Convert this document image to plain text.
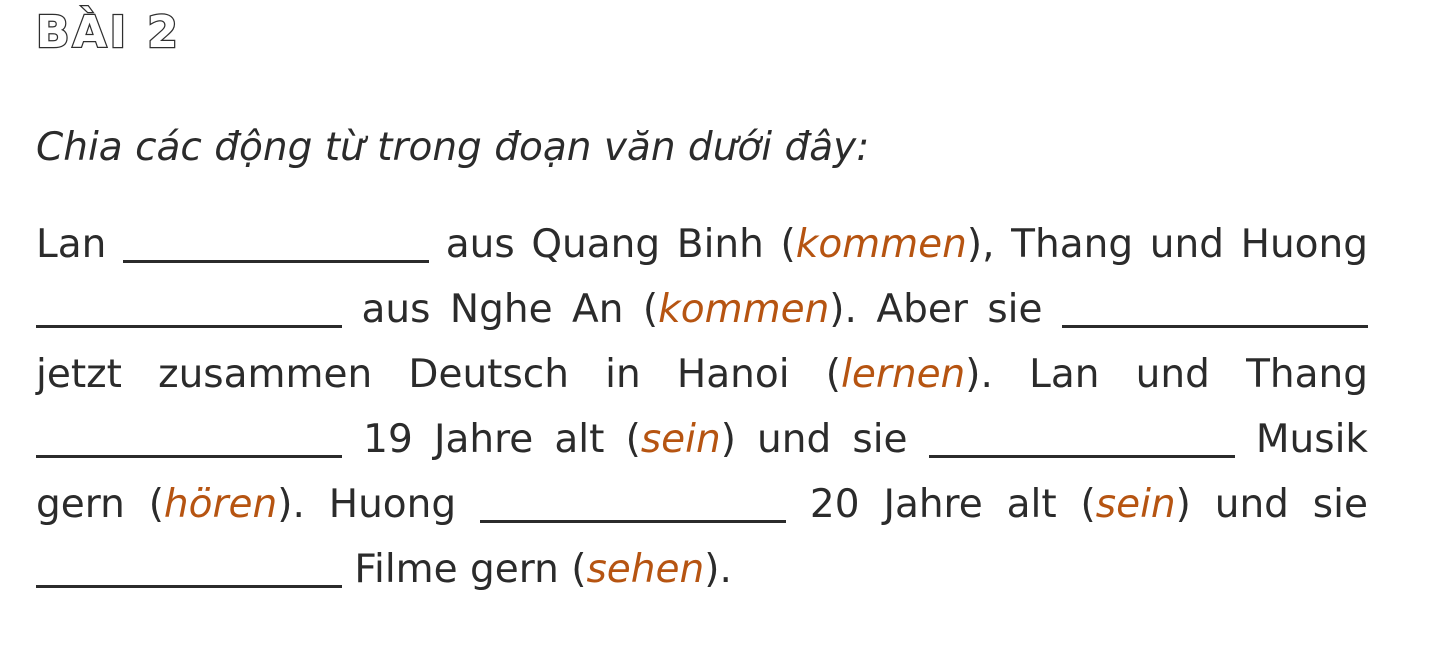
BÀI 2
Chia các động từ trong đoạn văn dưới đây:
Lan	aus Quang Binh (kommen), Thang und Huong  aus Nghe An (kommen). Aber sie  jetzt zusammen Deutsch in Hanoi (lernen). Lan und Thang  19 Jahre alt (sein) und sie	Musik gern (hören). Huong	20 Jahre alt (sein) und sie  Filme gern (sehen).
